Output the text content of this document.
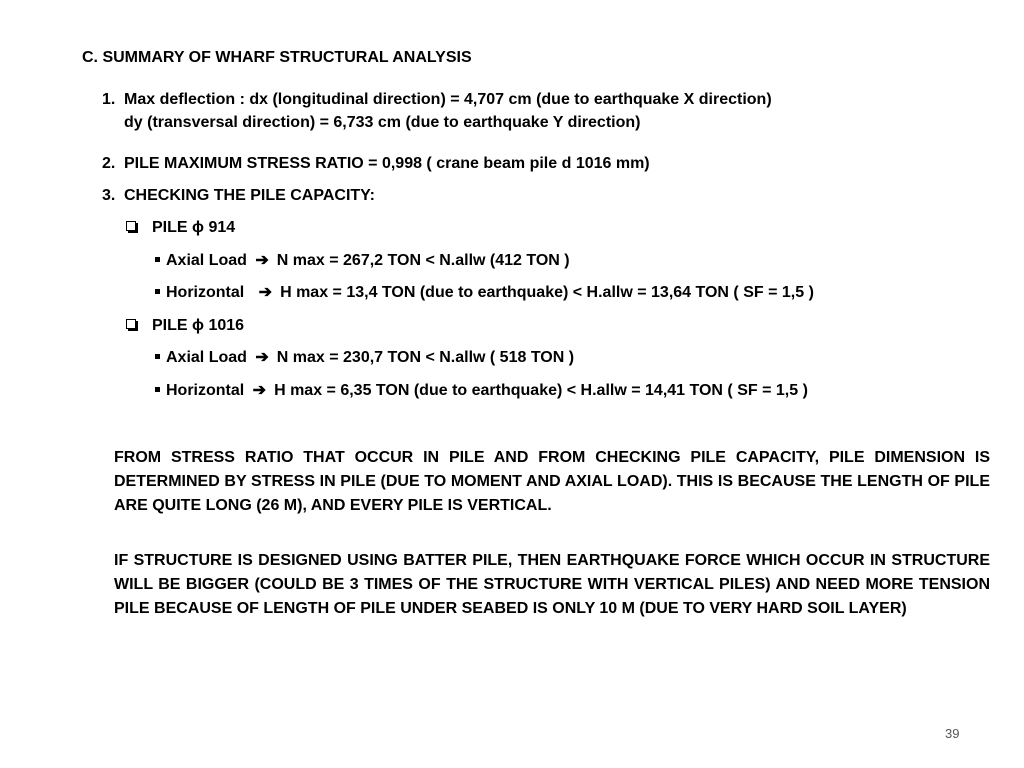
C. SUMMARY OF WHARF STRUCTURAL ANALYSIS
1. Max deflection : dx (longitudinal direction) = 4,707 cm (due to earthquake X direction)
dy (transversal direction) = 6,733 cm (due to earthquake Y direction)
2. PILE MAXIMUM STRESS RATIO = 0,998 ( crane beam pile d 1016 mm)
3. CHECKING THE PILE CAPACITY:
PILE ϕ 914
Axial Load ➔ N max = 267,2 TON < N.allw (412 TON )
Horizontal ➔ H max = 13,4 TON (due to earthquake) < H.allw = 13,64 TON ( SF = 1,5 )
PILE ϕ 1016
Axial Load ➔ N max = 230,7 TON < N.allw ( 518 TON )
Horizontal ➔ H max = 6,35 TON (due to earthquake) < H.allw = 14,41 TON ( SF = 1,5 )
FROM STRESS RATIO THAT OCCUR IN PILE AND FROM CHECKING PILE CAPACITY, PILE DIMENSION IS DETERMINED BY STRESS IN PILE (DUE TO MOMENT AND AXIAL LOAD). THIS IS BECAUSE THE LENGTH OF PILE ARE QUITE LONG (26 M), AND EVERY PILE IS VERTICAL.
IF STRUCTURE IS DESIGNED USING BATTER PILE, THEN EARTHQUAKE FORCE WHICH OCCUR IN STRUCTURE WILL BE BIGGER (COULD BE 3 TIMES OF THE STRUCTURE WITH VERTICAL PILES) AND NEED MORE TENSION PILE BECAUSE OF LENGTH OF PILE UNDER SEABED IS ONLY 10 M (DUE TO VERY HARD SOIL LAYER)
39
